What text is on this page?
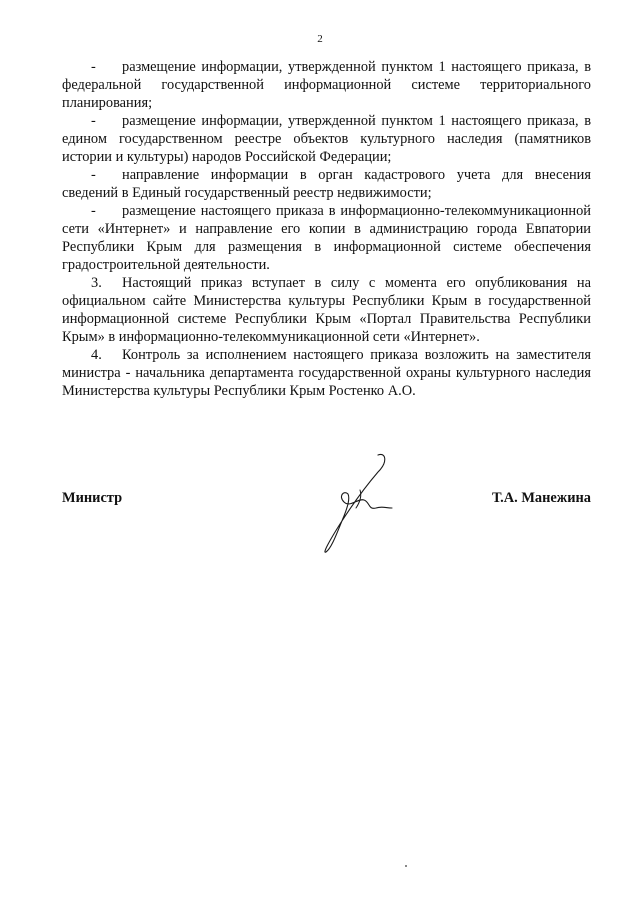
2

- размещение информации, утвержденной пунктом 1 настоящего приказа, в федеральной государственной информационной системе территориального планирования;

- размещение информации, утвержденной пунктом 1 настоящего приказа, в едином государственном реестре объектов культурного наследия (памятников истории и культуры) народов Российской Федерации;

- направление информации в орган кадастрового учета для внесения сведений в Единый государственный реестр недвижимости;

- размещение настоящего приказа в информационно-телекоммуникационной сети «Интернет» и направление его копии в администрацию города Евпатории Республики Крым для размещения в информационной системе обеспечения градостроительной деятельности.

3. Настоящий приказ вступает в силу с момента его опубликования на официальном сайте Министерства культуры Республики Крым в государственной информационной системе Республики Крым «Портал Правительства Республики Крым» в информационно-телекоммуникационной сети «Интернет».

4. Контроль за исполнением настоящего приказа возложить на заместителя министра - начальника департамента государственной охраны культурного наследия Министерства культуры Республики Крым Ростенко А.О.

Министр	Т.А. Манежина
